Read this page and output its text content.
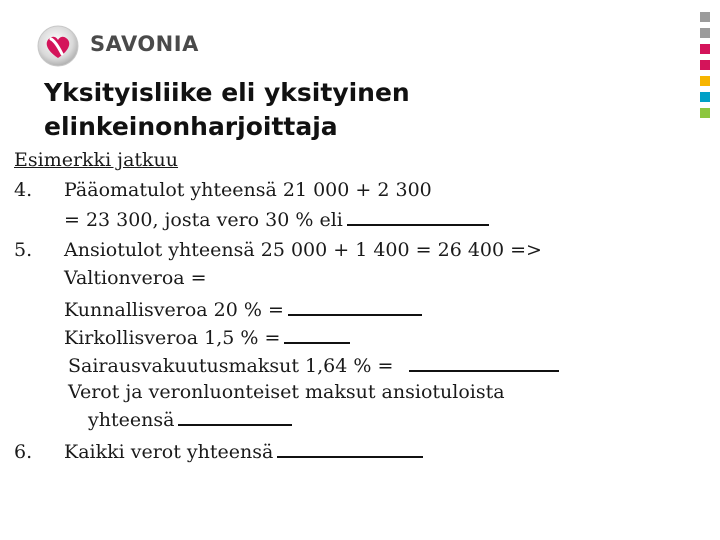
SAVONIA
Yksityisliike eli yksityinen
elinkeinonharjoittaja
Esimerkki jatkuu
4. Pääomatulot yhteensä 21 000 + 2 300
= 23 300, josta vero 30 % eli
5. Ansiotulot yhteensä 25 000 + 1 400 = 26 400 =>
Valtionveroa =
Kunnallisveroa 20 % =
Kirkollisveroa 1,5 % =
Sairausvakuutusmaksut 1,64 % =
Verot ja veronluonteiset maksut ansiotuloista
yhteensä
6. Kaikki verot yhteensä
